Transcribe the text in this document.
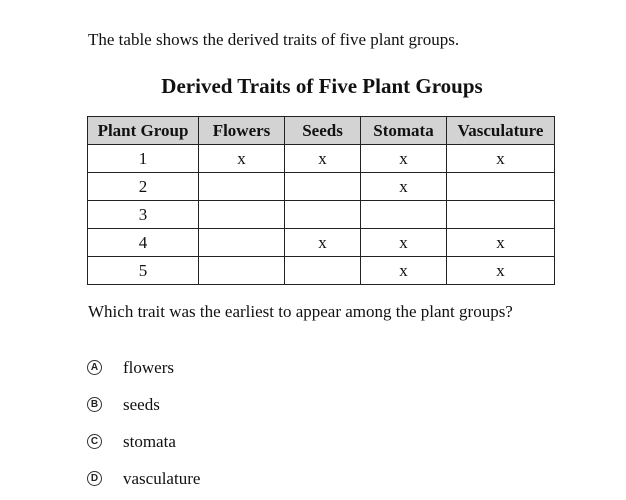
The table shows the derived traits of five plant groups.
Derived Traits of Five Plant Groups
Plant Group	Flowers	Seeds	Stomata	Vasculature
1	x	x	x	x
2			x	
3				
4		x	x	x
5			x	x
Which trait was the earliest to appear among the plant groups?
A flowers
B seeds
C stomata
D vasculature
